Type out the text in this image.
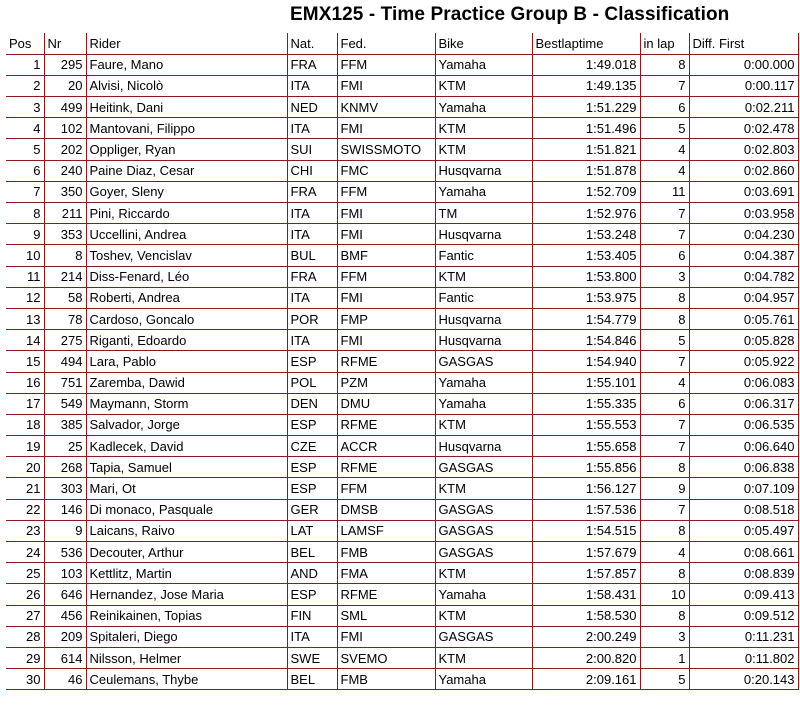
EMX125 - Time Practice Group B - Classification
Pos	Nr	Rider	Nat.	Fed.	Bike	Bestlaptime	in lap	Diff. First
1	295	Faure, Mano	FRA	FFM	Yamaha	1:49.018	8	0:00.000
2	20	Alvisi, Nicolò	ITA	FMI	KTM	1:49.135	7	0:00.117
3	499	Heitink, Dani	NED	KNMV	Yamaha	1:51.229	6	0:02.211
4	102	Mantovani, Filippo	ITA	FMI	KTM	1:51.496	5	0:02.478
5	202	Oppliger, Ryan	SUI	SWISSMOTO	KTM	1:51.821	4	0:02.803
6	240	Paine Diaz, Cesar	CHI	FMC	Husqvarna	1:51.878	4	0:02.860
7	350	Goyer, Sleny	FRA	FFM	Yamaha	1:52.709	11	0:03.691
8	211	Pini, Riccardo	ITA	FMI	TM	1:52.976	7	0:03.958
9	353	Uccellini, Andrea	ITA	FMI	Husqvarna	1:53.248	7	0:04.230
10	8	Toshev, Vencislav	BUL	BMF	Fantic	1:53.405	6	0:04.387
11	214	Diss-Fenard, Léo	FRA	FFM	KTM	1:53.800	3	0:04.782
12	58	Roberti, Andrea	ITA	FMI	Fantic	1:53.975	8	0:04.957
13	78	Cardoso, Goncalo	POR	FMP	Husqvarna	1:54.779	8	0:05.761
14	275	Riganti, Edoardo	ITA	FMI	Husqvarna	1:54.846	5	0:05.828
15	494	Lara, Pablo	ESP	RFME	GASGAS	1:54.940	7	0:05.922
16	751	Zaremba, Dawid	POL	PZM	Yamaha	1:55.101	4	0:06.083
17	549	Maymann, Storm	DEN	DMU	Yamaha	1:55.335	6	0:06.317
18	385	Salvador, Jorge	ESP	RFME	KTM	1:55.553	7	0:06.535
19	25	Kadlecek, David	CZE	ACCR	Husqvarna	1:55.658	7	0:06.640
20	268	Tapia, Samuel	ESP	RFME	GASGAS	1:55.856	8	0:06.838
21	303	Mari, Ot	ESP	FFM	KTM	1:56.127	9	0:07.109
22	146	Di monaco, Pasquale	GER	DMSB	GASGAS	1:57.536	7	0:08.518
23	9	Laicans, Raivo	LAT	LAMSF	GASGAS	1:54.515	8	0:05.497
24	536	Decouter, Arthur	BEL	FMB	GASGAS	1:57.679	4	0:08.661
25	103	Kettlitz, Martin	AND	FMA	KTM	1:57.857	8	0:08.839
26	646	Hernandez, Jose Maria	ESP	RFME	Yamaha	1:58.431	10	0:09.413
27	456	Reinikainen, Topias	FIN	SML	KTM	1:58.530	8	0:09.512
28	209	Spitaleri, Diego	ITA	FMI	GASGAS	2:00.249	3	0:11.231
29	614	Nilsson, Helmer	SWE	SVEMO	KTM	2:00.820	1	0:11.802
30	46	Ceulemans, Thybe	BEL	FMB	Yamaha	2:09.161	5	0:20.143
